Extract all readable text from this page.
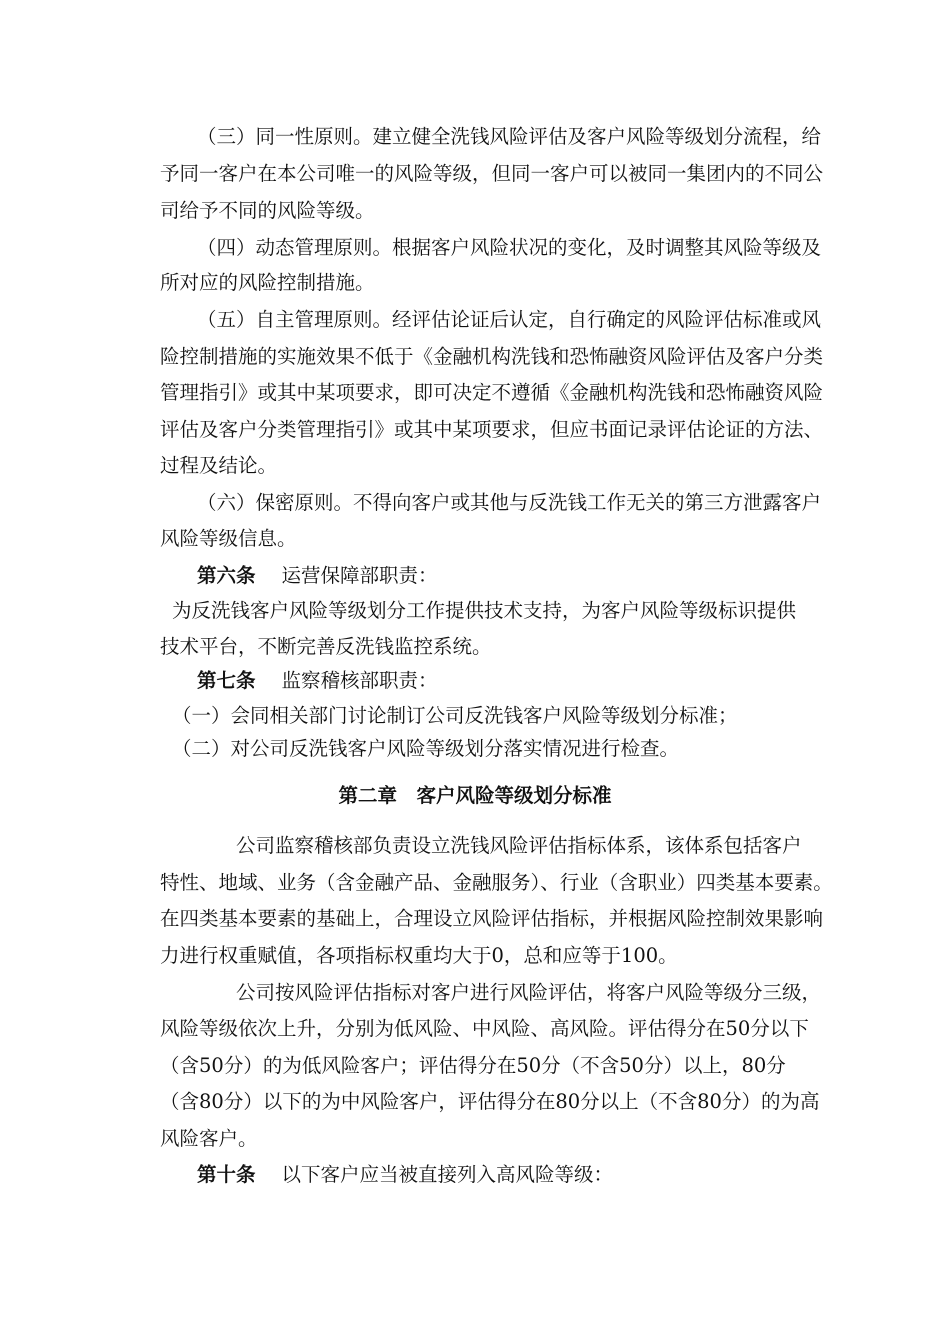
（三）同一性原则。建立健全洗钱风险评估及客户风险等级划分流程，给
予同一客户在本公司唯一的风险等级，但同一客户可以被同一集团内的不同公
司给予不同的风险等级。
（四）动态管理原则。根据客户风险状况的变化，及时调整其风险等级及
所对应的风险控制措施。
（五）自主管理原则。经评估论证后认定，自行确定的风险评估标准或风
险控制措施的实施效果不低于《金融机构洗钱和恐怖融资风险评估及客户分类
管理指引》或其中某项要求，即可决定不遵循《金融机构洗钱和恐怖融资风险
评估及客户分类管理指引》或其中某项要求，但应书面记录评估论证的方法、
过程及结论。
（六）保密原则。不得向客户或其他与反洗钱工作无关的第三方泄露客户
风险等级信息。
第六条 运营保障部职责：
为反洗钱客户风险等级划分工作提供技术支持，为客户风险等级标识提供
技术平台，不断完善反洗钱监控系统。
第七条 监察稽核部职责：
（一）会同相关部门讨论制订公司反洗钱客户风险等级划分标准；
（二）对公司反洗钱客户风险等级划分落实情况进行检查。
第二章　客户风险等级划分标准
公司监察稽核部负责设立洗钱风险评估指标体系，该体系包括客户
特性、地域、业务（含金融产品、金融服务）、行业（含职业）四类基本要素。
在四类基本要素的基础上，合理设立风险评估指标，并根据风险控制效果影响
力进行权重赋值，各项指标权重均大于0，总和应等于100。
公司按风险评估指标对客户进行风险评估，将客户风险等级分三级，
风险等级依次上升，分别为低风险、中风险、高风险。评估得分在50分以下
（含50分）的为低风险客户；评估得分在50分（不含50分）以上，80分
（含80分）以下的为中风险客户，评估得分在80分以上（不含80分）的为高
风险客户。
第十条 以下客户应当被直接列入高风险等级：
